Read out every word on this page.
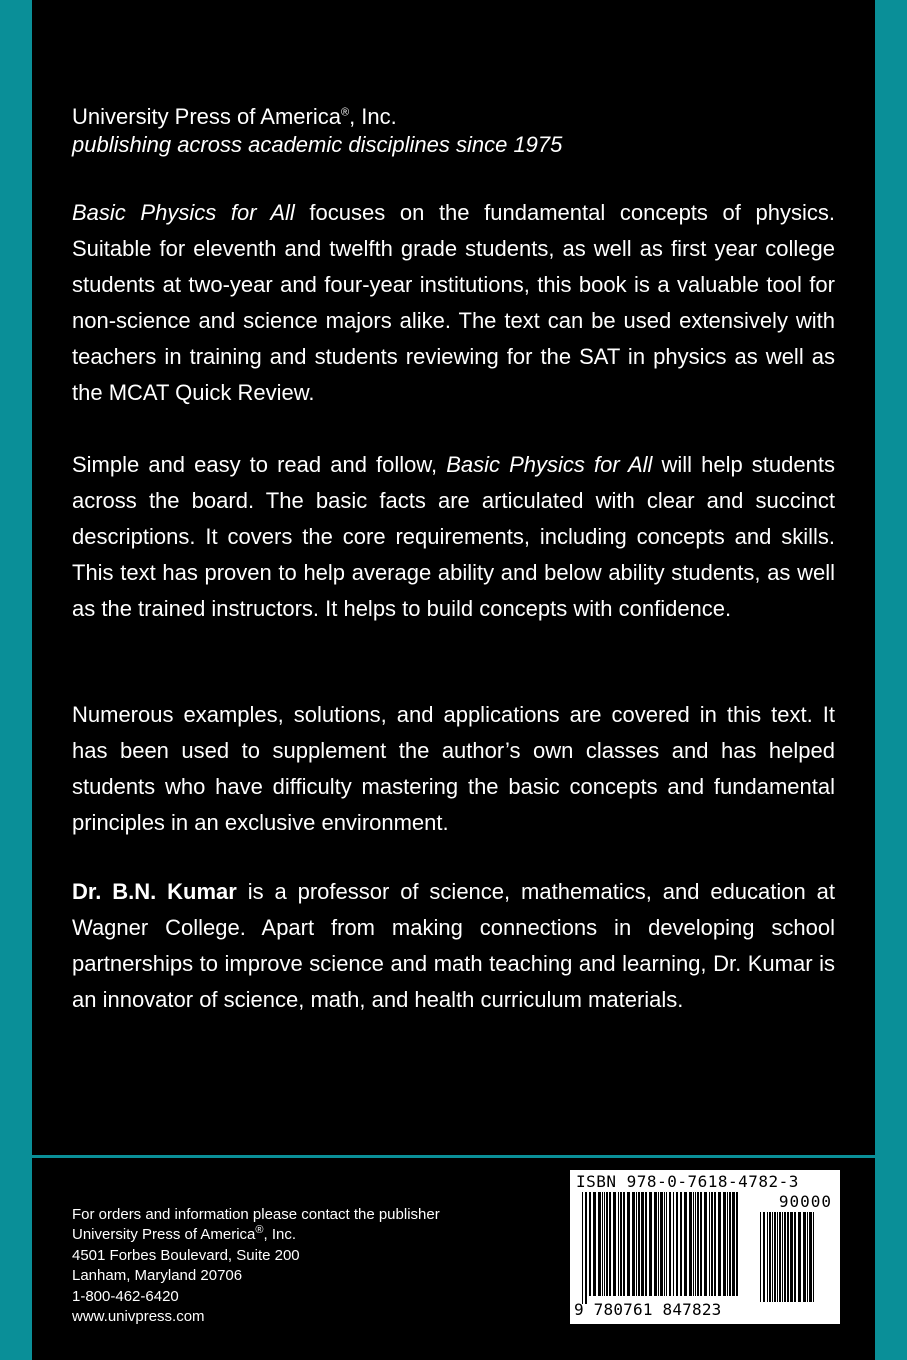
University Press of America®, Inc.
publishing across academic disciplines since 1975

Basic Physics for All focuses on the fundamental concepts of physics. Suitable for eleventh and twelfth grade students, as well as first year college students at two-year and four-year institutions, this book is a valuable tool for non-science and science majors alike. The text can be used extensively with teachers in training and students reviewing for the SAT in physics as well as the MCAT Quick Review.

Simple and easy to read and follow, Basic Physics for All will help students across the board. The basic facts are articulated with clear and succinct descriptions. It covers the core requirements, including concepts and skills. This text has proven to help average ability and below ability students, as well as the trained instructors. It helps to build concepts with confidence.

Numerous examples, solutions, and applications are covered in this text. It has been used to supplement the author’s own classes and has helped students who have difficulty mastering the basic concepts and fundamental principles in an exclusive environment.

Dr. B.N. Kumar is a professor of science, mathematics, and education at Wagner College. Apart from making connections in developing school partnerships to improve science and math teaching and learning, Dr. Kumar is an innovator of science, math, and health curriculum materials.

For orders and information please contact the publisher
University Press of America®, Inc.
4501 Forbes Boulevard, Suite 200
Lanham, Maryland 20706
1-800-462-6420
www.univpress.com
ISBN 978-0-7618-4782-3
90000
9 780761 847823
